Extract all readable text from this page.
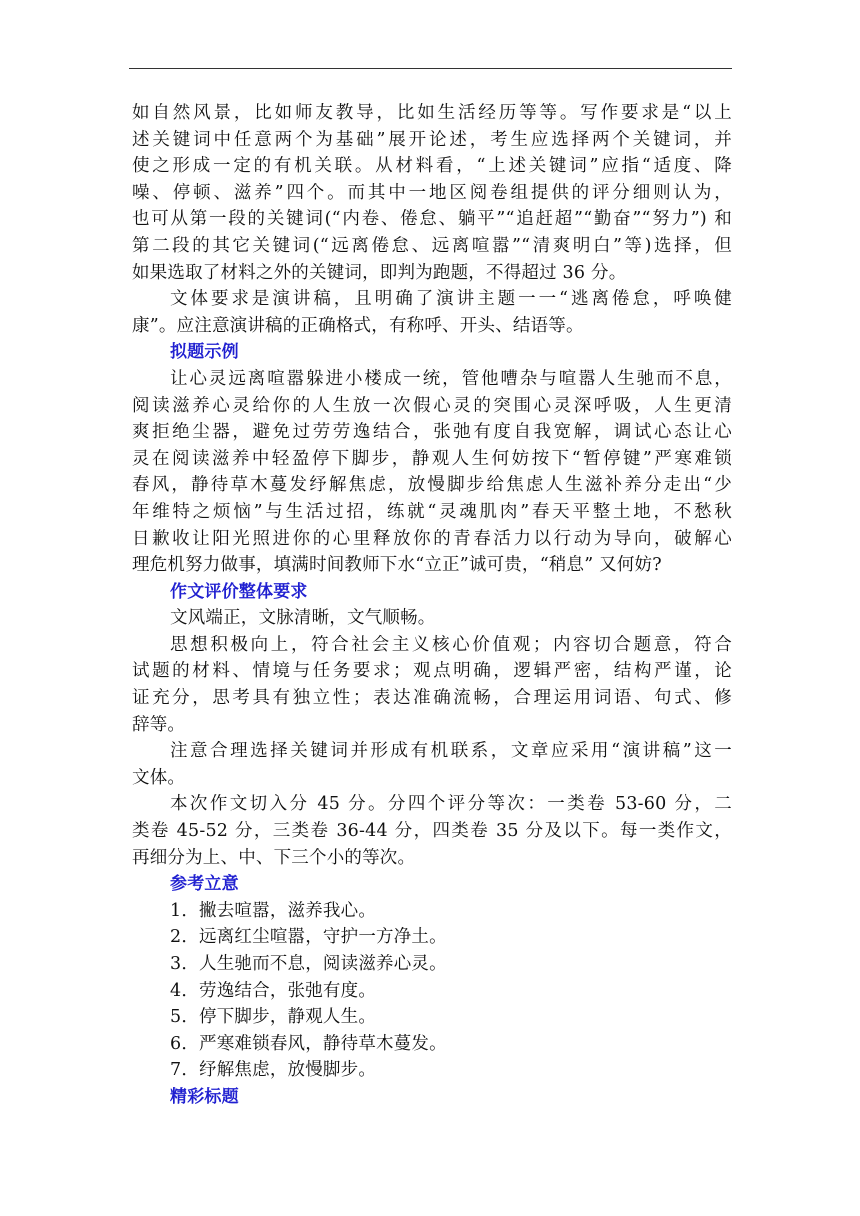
如自然风景，比如师友教导，比如生活经历等等。写作要求是“以上
述关键词中任意两个为基础”展开论述，考生应选择两个关键词，并
使之形成一定的有机关联。从材料看，“上述关键词”应指“适度、降
噪、停顿、滋养”四个。而其中一地区阅卷组提供的评分细则认为，
也可从第一段的关键词(“内卷、倦怠、躺平”“追赶超”“勤奋”“努力”) 和
第二段的其它关键词(“远离倦怠、远离喧嚣”“清爽明白”等)选择，但
如果选取了材料之外的关键词，即判为跑题，不得超过 36 分。
文体要求是演讲稿，且明确了演讲主题一一“逃离倦怠，呼唤健
康”。应注意演讲稿的正确格式，有称呼、开头、结语等。
拟题示例
让心灵远离喧嚣躲进小楼成一统，管他嘈杂与喧嚣人生驰而不息，
阅读滋养心灵给你的人生放一次假心灵的突围心灵深呼吸，人生更清
爽拒绝尘器，避免过劳劳逸结合，张弛有度自我宽解，调试心态让心
灵在阅读滋养中轻盈停下脚步，静观人生何妨按下“暂停键”严寒难锁
春风，静待草木蔓发纾解焦虑，放慢脚步给焦虑人生滋补养分走出“少
年维特之烦恼”与生活过招，练就“灵魂肌肉”春天平整土地，不愁秋
日歉收让阳光照进你的心里释放你的青春活力以行动为导向，破解心
理危机努力做事，填满时间教师下水“立正”诚可贵，“稍息” 又何妨?
作文评价整体要求
文风端正，文脉清晰，文气顺畅。
思想积极向上，符合社会主义核心价值观；内容切合题意，符合
试题的材料、情境与任务要求；观点明确，逻辑严密，结构严谨，论
证充分，思考具有独立性；表达准确流畅，合理运用词语、句式、修
辞等。
注意合理选择关键词并形成有机联系，文章应采用“演讲稿”这一
文体。
本次作文切入分 45 分。分四个评分等次：一类卷 53-60 分，二
类卷 45-52 分，三类卷 36-44 分，四类卷 35 分及以下。每一类作文，
再细分为上、中、下三个小的等次。
参考立意
1．撇去喧嚣，滋养我心。
2．远离红尘喧嚣，守护一方净土。
3．人生驰而不息，阅读滋养心灵。
4．劳逸结合，张弛有度。
5．停下脚步，静观人生。
6．严寒难锁春风，静待草木蔓发。
7．纾解焦虑，放慢脚步。
精彩标题
